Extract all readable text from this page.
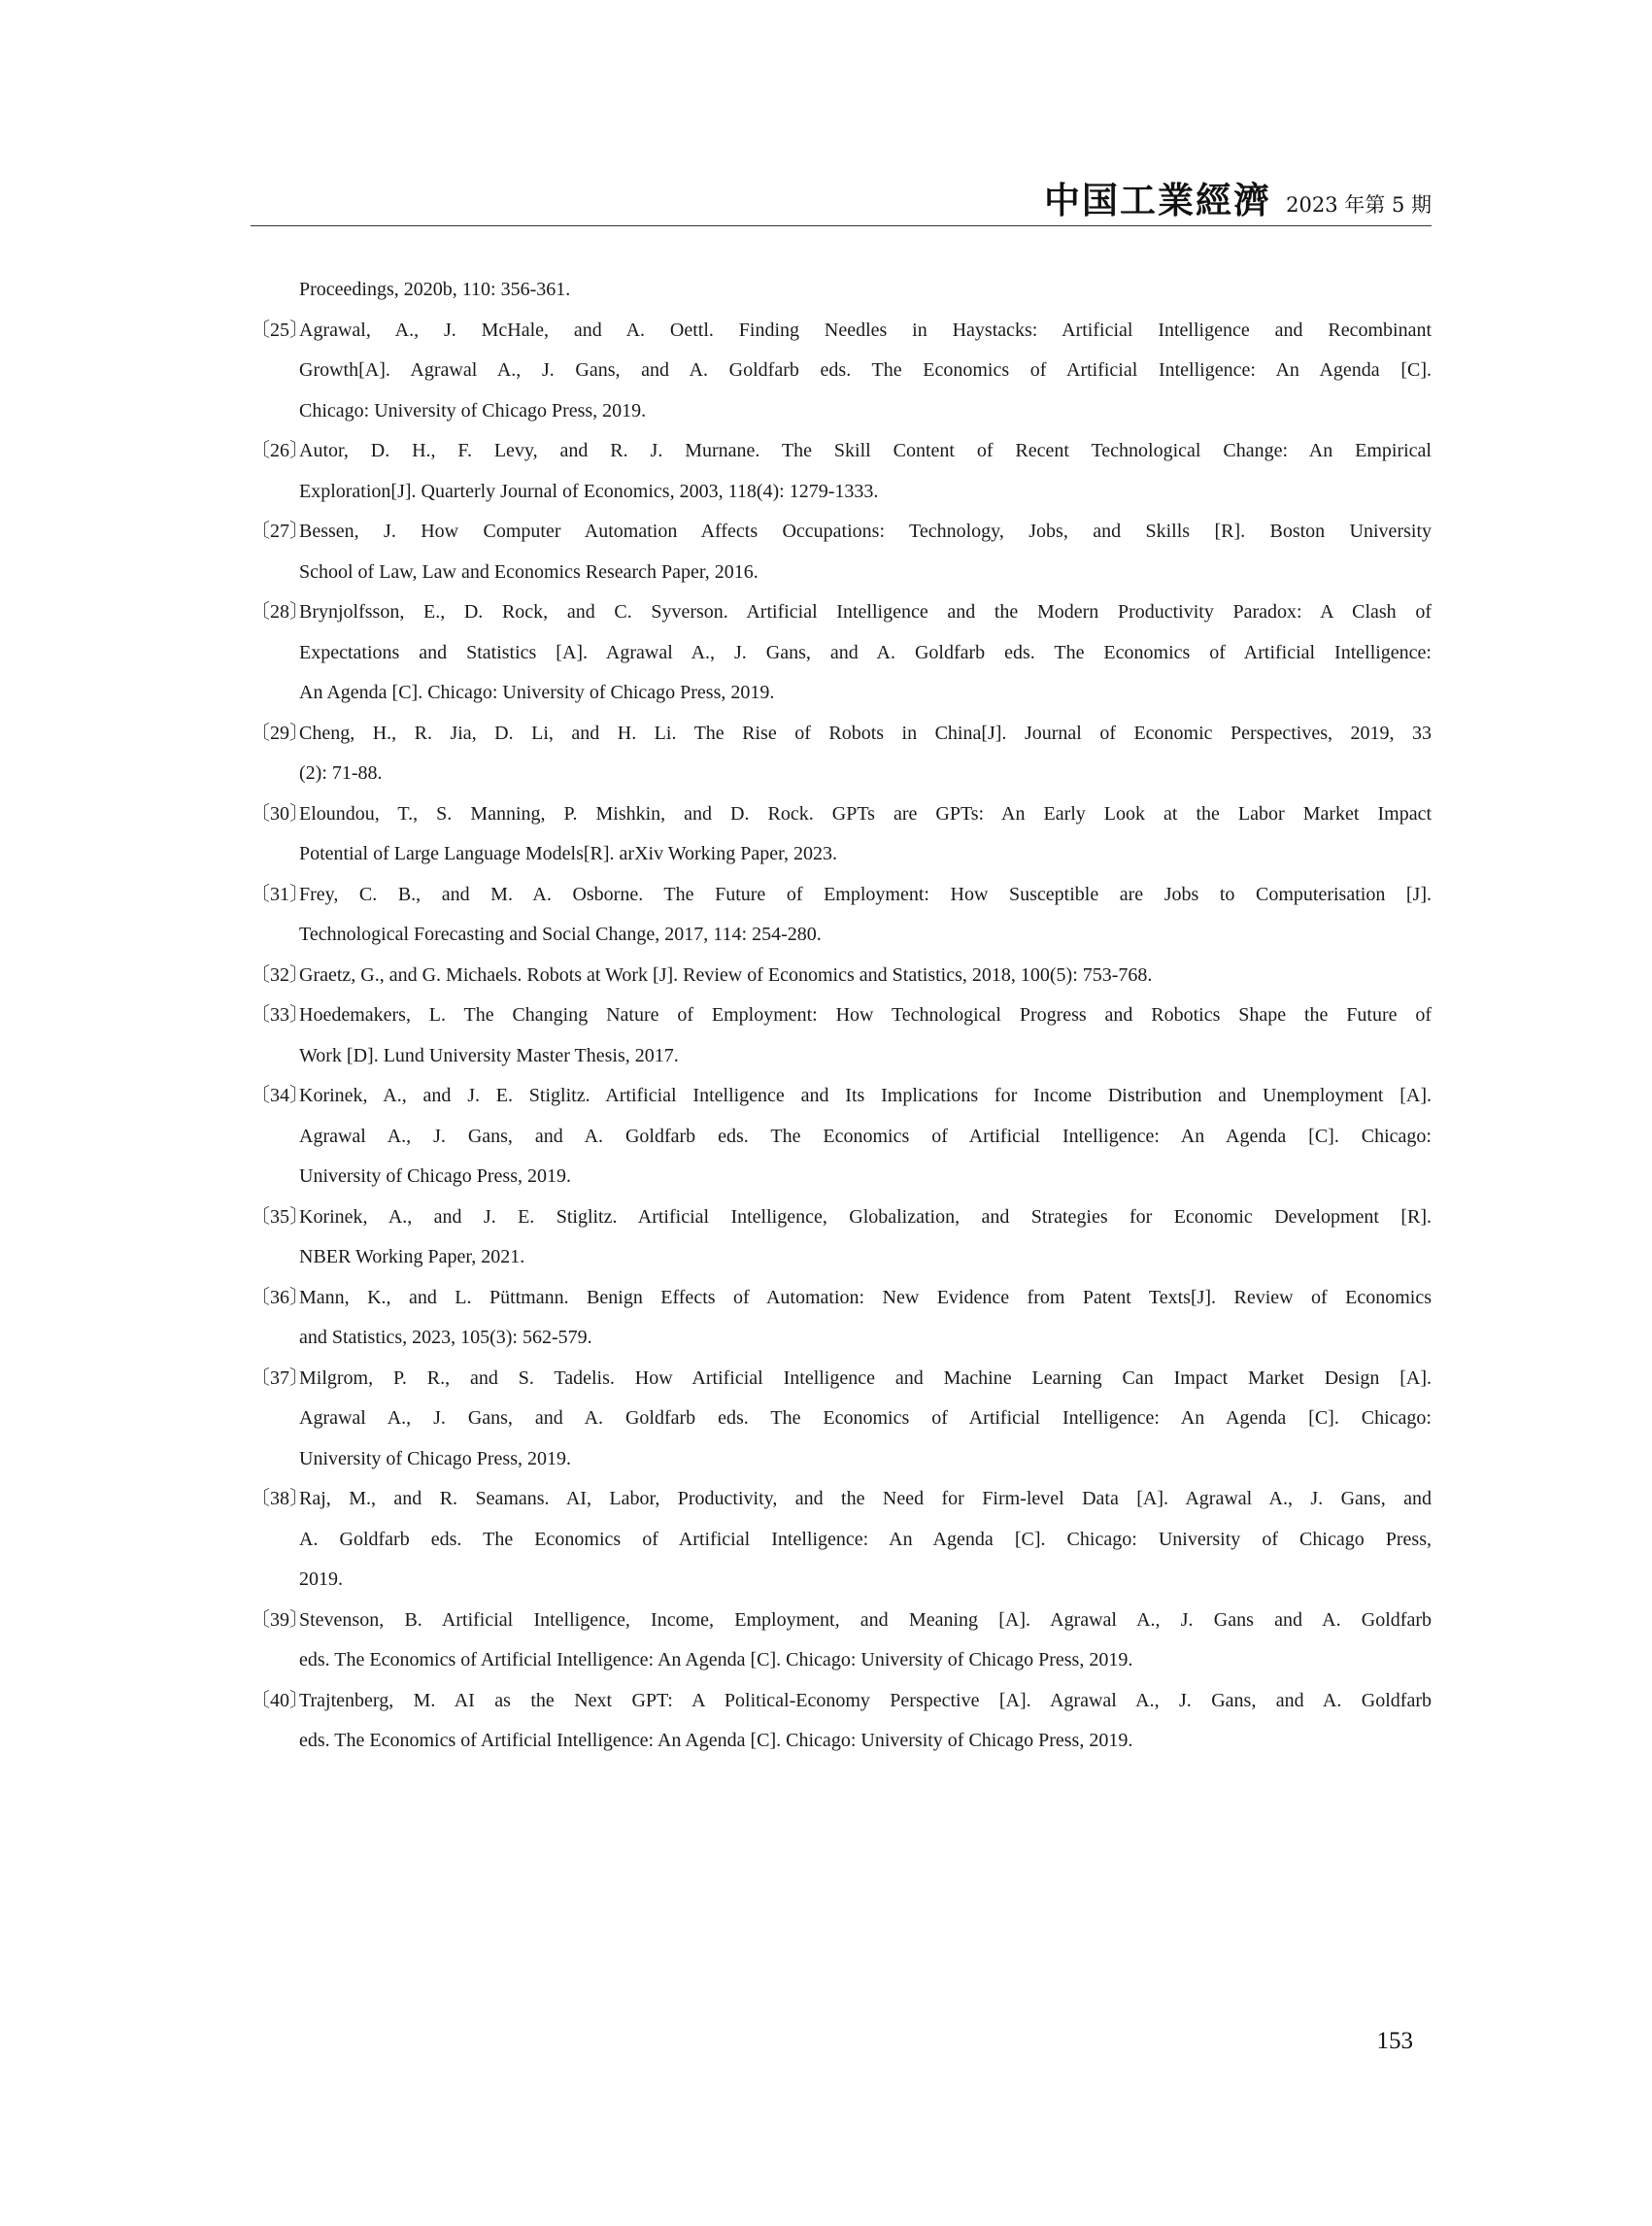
中国工業經濟 2023 年第 5 期
Proceedings, 2020b, 110: 356-361.
〔25〕
Agrawal, A., J. McHale, and A. Oettl. Finding Needles in Haystacks: Artificial Intelligence and Recombinant
Growth[A]. Agrawal A., J. Gans, and A. Goldfarb eds. The Economics of Artificial Intelligence: An Agenda [C].
Chicago: University of Chicago Press, 2019.
〔26〕
Autor, D. H., F. Levy, and R. J. Murnane. The Skill Content of Recent Technological Change: An Empirical
Exploration[J]. Quarterly Journal of Economics, 2003, 118(4): 1279-1333.
〔27〕
Bessen, J. How Computer Automation Affects Occupations: Technology, Jobs, and Skills [R]. Boston University
School of Law, Law and Economics Research Paper, 2016.
〔28〕
Brynjolfsson, E., D. Rock, and C. Syverson. Artificial Intelligence and the Modern Productivity Paradox: A Clash of
Expectations and Statistics [A]. Agrawal A., J. Gans, and A. Goldfarb eds. The Economics of Artificial Intelligence:
An Agenda [C]. Chicago: University of Chicago Press, 2019.
〔29〕
Cheng, H., R. Jia, D. Li, and H. Li. The Rise of Robots in China[J]. Journal of Economic Perspectives, 2019, 33
(2): 71-88.
〔30〕
Eloundou, T., S. Manning, P. Mishkin, and D. Rock. GPTs are GPTs: An Early Look at the Labor Market Impact
Potential of Large Language Models[R]. arXiv Working Paper, 2023.
〔31〕
Frey, C. B., and M. A. Osborne. The Future of Employment: How Susceptible are Jobs to Computerisation [J].
Technological Forecasting and Social Change, 2017, 114: 254-280.
〔32〕
Graetz, G., and G. Michaels. Robots at Work [J]. Review of Economics and Statistics, 2018, 100(5): 753-768.
〔33〕
Hoedemakers, L. The Changing Nature of Employment: How Technological Progress and Robotics Shape the Future of
Work [D]. Lund University Master Thesis, 2017.
〔34〕
Korinek, A., and J. E. Stiglitz. Artificial Intelligence and Its Implications for Income Distribution and Unemployment [A].
Agrawal A., J. Gans, and A. Goldfarb eds. The Economics of Artificial Intelligence: An Agenda [C]. Chicago:
University of Chicago Press, 2019.
〔35〕
Korinek, A., and J. E. Stiglitz. Artificial Intelligence, Globalization, and Strategies for Economic Development [R].
NBER Working Paper, 2021.
〔36〕
Mann, K., and L. Püttmann. Benign Effects of Automation: New Evidence from Patent Texts[J]. Review of Economics
and Statistics, 2023, 105(3): 562-579.
〔37〕
Milgrom, P. R., and S. Tadelis. How Artificial Intelligence and Machine Learning Can Impact Market Design [A].
Agrawal A., J. Gans, and A. Goldfarb eds. The Economics of Artificial Intelligence: An Agenda [C]. Chicago:
University of Chicago Press, 2019.
〔38〕
Raj, M., and R. Seamans. AI, Labor, Productivity, and the Need for Firm-level Data [A]. Agrawal A., J. Gans, and
A. Goldfarb eds. The Economics of Artificial Intelligence: An Agenda [C]. Chicago: University of Chicago Press,
2019.
〔39〕
Stevenson, B. Artificial Intelligence, Income, Employment, and Meaning [A]. Agrawal A., J. Gans and A. Goldfarb
eds. The Economics of Artificial Intelligence: An Agenda [C]. Chicago: University of Chicago Press, 2019.
〔40〕
Trajtenberg, M. AI as the Next GPT: A Political-Economy Perspective [A]. Agrawal A., J. Gans, and A. Goldfarb
eds. The Economics of Artificial Intelligence: An Agenda [C]. Chicago: University of Chicago Press, 2019.
153
